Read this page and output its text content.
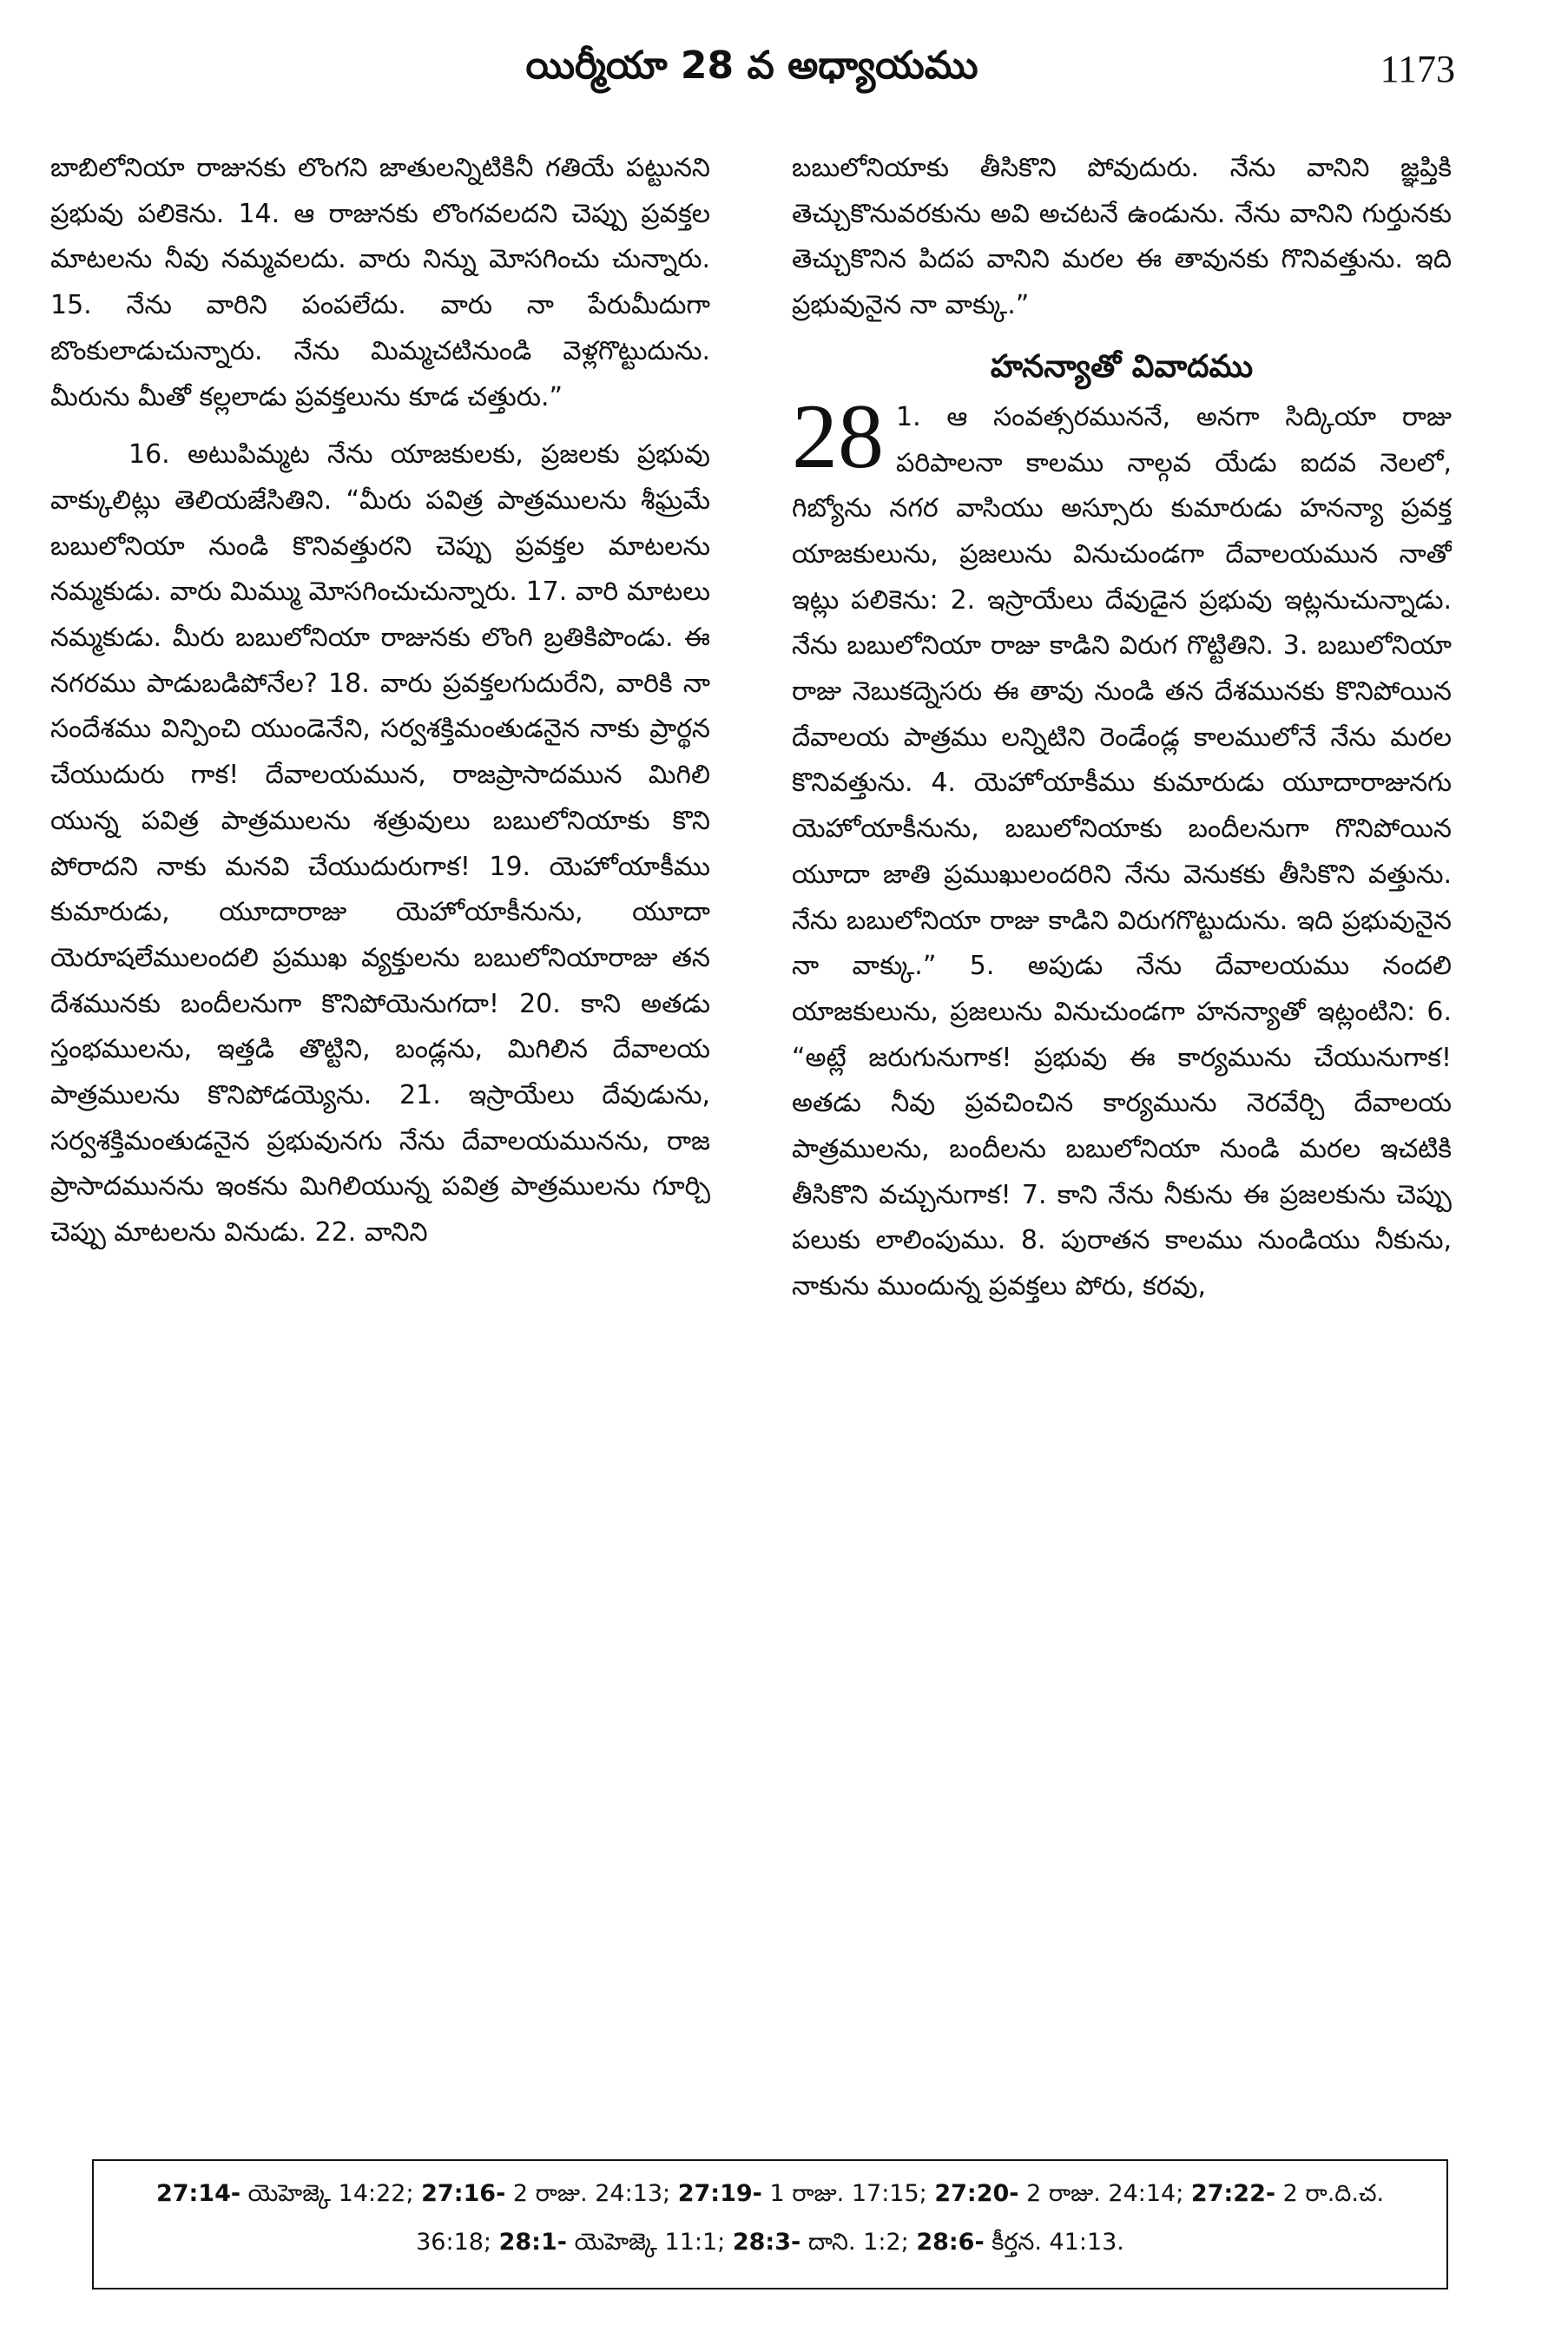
యిర్మీయా 28 వ అధ్యాయము	1173

బాబిలోనియా రాజునకు లొంగని జాతులన్నిటికినీ గతియే పట్టునని ప్రభువు పలికెను. 14. ఆ రాజునకు లొంగవలదని చెప్పు ప్రవక్తల మాటలను నీవు నమ్మవలదు. వారు నిన్ను మోసగించు చున్నారు. 15. నేను వారిని పంపలేదు. వారు నా పేరుమీదుగా బొంకులాడుచున్నారు. నేను మిమ్మచటినుండి వెళ్లగొట్టుదును. మీరును మీతో కల్లలాడు ప్రవక్తలును కూడ చత్తురు.”

16. అటుపిమ్మట నేను యాజకులకు, ప్రజలకు ప్రభువు వాక్కులిట్లు తెలియజేసితిని. “మీరు పవిత్ర పాత్రములను శీఘ్రమే బబులోనియా నుండి కొనివత్తురని చెప్పు ప్రవక్తల మాటలను నమ్మకుడు. వారు మిమ్ము మోసగించుచున్నారు. 17. వారి మాటలు నమ్మకుడు. మీరు బబులోనియా రాజునకు లొంగి బ్రతికిపొండు. ఈ నగరము పాడుబడిపోనేల? 18. వారు ప్రవక్తలగుదురేని, వారికి నా సందేశము విన్పించి యుండెనేని, సర్వశక్తిమంతుడనైన నాకు ప్రార్థన చేయుదురు గాక! దేవాలయమున, రాజప్రాసాదమున మిగిలి యున్న పవిత్ర పాత్రములను శత్రువులు బబులోనియాకు కొని పోరాదని నాకు మనవి చేయుదురుగాక! 19. యెహోయాకీము కుమారుడు, యూదారాజు యెహోయాకీనును, యూదా యెరూషలేములందలి ప్రముఖ వ్యక్తులను బబులోనియారాజు తన దేశమునకు బందీలనుగా కొనిపోయెనుగదా! 20. కాని అతడు స్తంభములను, ఇత్తడి తొట్టిని, బండ్లను, మిగిలిన దేవాలయ పాత్రములను కొనిపోడయ్యెను. 21. ఇస్రాయేలు దేవుడును, సర్వశక్తిమంతుడనైన ప్రభువునగు నేను దేవాలయమునను, రాజ ప్రాసాదమునను ఇంకను మిగిలియున్న పవిత్ర పాత్రములను గూర్చి చెప్పు మాటలను వినుడు. 22. వానిని

బబులోనియాకు తీసికొని పోవుదురు. నేను వానిని జ్ఞప్తికి తెచ్చుకొనువరకును అవి అచటనే ఉండును. నేను వానిని గుర్తునకు తెచ్చుకొనిన పిదప వానిని మరల ఈ తావునకు గొనివత్తును. ఇది ప్రభువునైన నా వాక్కు.”

హనన్యాతో వివాదము
28 1. ఆ సంవత్సరముననే, అనగా సిద్కియా రాజు పరిపాలనా కాలము నాల్గవ యేడు ఐదవ నెలలో, గిబ్యోను నగర వాసియు అస్సూరు కుమారుడు హనన్యా ప్రవక్త యాజకులును, ప్రజలును వినుచుండగా దేవాలయమున నాతో ఇట్లు పలికెను: 2. ఇస్రాయేలు దేవుడైన ప్రభువు ఇట్లనుచున్నాడు. నేను బబులోనియా రాజు కాడిని విరుగ గొట్టితిని. 3. బబులోనియా రాజు నెబుకద్నెసరు ఈ తావు నుండి తన దేశమునకు కొనిపోయిన దేవాలయ పాత్రము లన్నిటిని రెండేండ్ల కాలములోనే నేను మరల కొనివత్తును. 4. యెహోయాకీము కుమారుడు యూదారాజునగు యెహోయాకీనును, బబులోనియాకు బందీలనుగా గొనిపోయిన యూదా జాతి ప్రముఖులందరిని నేను వెనుకకు తీసికొని వత్తును. నేను బబులోనియా రాజు కాడిని విరుగగొట్టుదును. ఇది ప్రభువునైన నా వాక్కు.” 5. అపుడు నేను దేవాలయము నందలి యాజకులును, ప్రజలును వినుచుండగా హనన్యాతో ఇట్లంటిని: 6. “అట్లే జరుగునుగాక! ప్రభువు ఈ కార్యమును చేయునుగాక! అతడు నీవు ప్రవచించిన కార్యమును నెరవేర్చి దేవాలయ పాత్రములను, బందీలను బబులోనియా నుండి మరల ఇచటికి తీసికొని వచ్చునుగాక! 7. కాని నేను నీకును ఈ ప్రజలకును చెప్పు పలుకు లాలింపుము. 8. పురాతన కాలము నుండియు నీకును, నాకును ముందున్న ప్రవక్తలు పోరు, కరవు,

27:14- యెహెజ్కె 14:22; 27:16- 2 రాజు. 24:13; 27:19- 1 రాజు. 17:15; 27:20- 2 రాజు. 24:14; 27:22- 2 రా.ది.చ. 36:18; 28:1- యెహెజ్కె 11:1; 28:3- దాని. 1:2; 28:6- కీర్తన. 41:13.
